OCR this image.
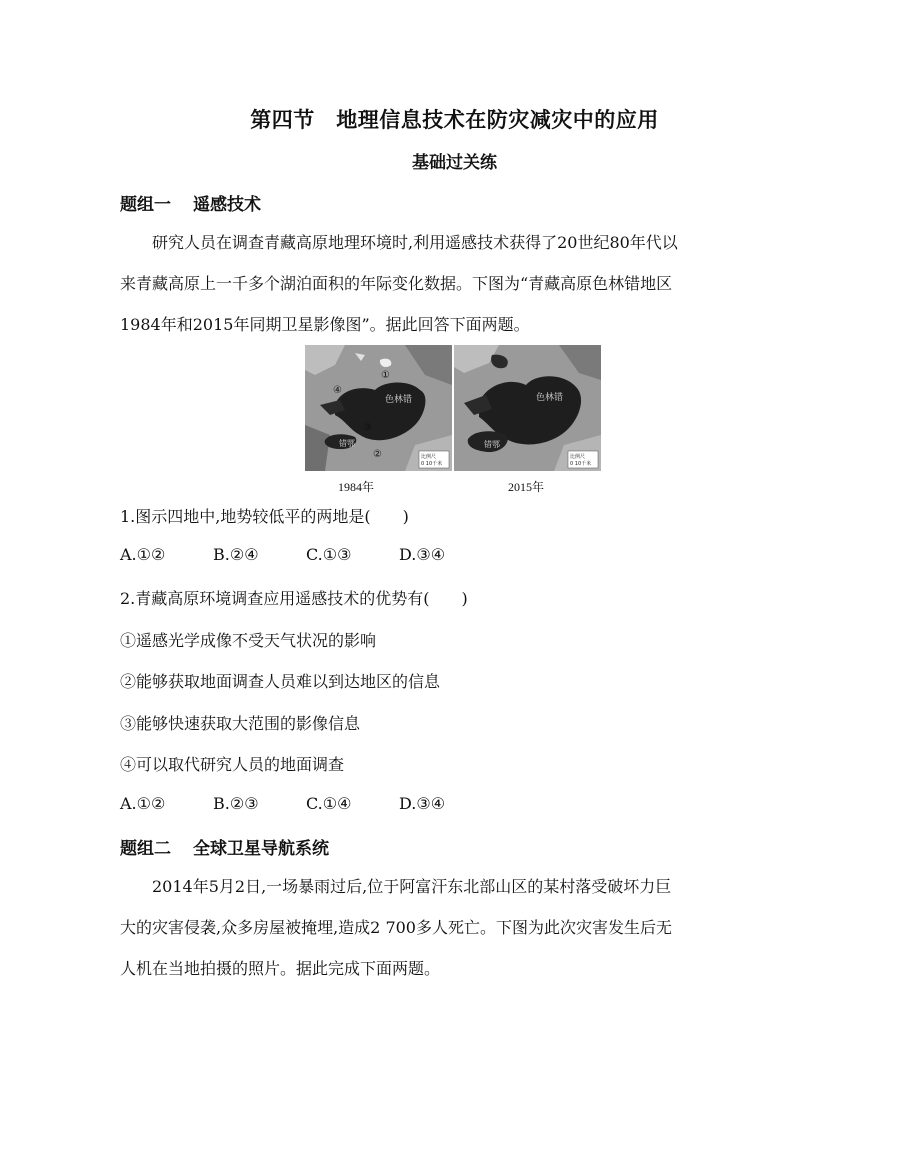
第四节　地理信息技术在防灾减灾中的应用
基础过关练
题组一 遥感技术

研究人员在调查青藏高原地理环境时,利用遥感技术获得了20世纪80年代以

来青藏高原上一千多个湖泊面积的年际变化数据。下图为“青藏高原色林错地区

1984年和2015年同期卫星影像图”。据此回答下面两题。

色林错
错鄂
①
②
③
④
比例尺
0 10千米
色林错
错鄂
比例尺
0 10千米
1984年	2015年
1.图示四地中,地势较低平的两地是(　　)
A.①②	B.②④	C.①③	D.③④
2.青藏高原环境调查应用遥感技术的优势有(　　)
①遥感光学成像不受天气状况的影响
②能够获取地面调查人员难以到达地区的信息
③能够快速获取大范围的影像信息
④可以取代研究人员的地面调查
A.①②	B.②③	C.①④	D.③④
题组二 全球卫星导航系统

2014年5月2日,一场暴雨过后,位于阿富汗东北部山区的某村落受破坏力巨

大的灾害侵袭,众多房屋被掩埋,造成2 700多人死亡。下图为此次灾害发生后无

人机在当地拍摄的照片。据此完成下面两题。
